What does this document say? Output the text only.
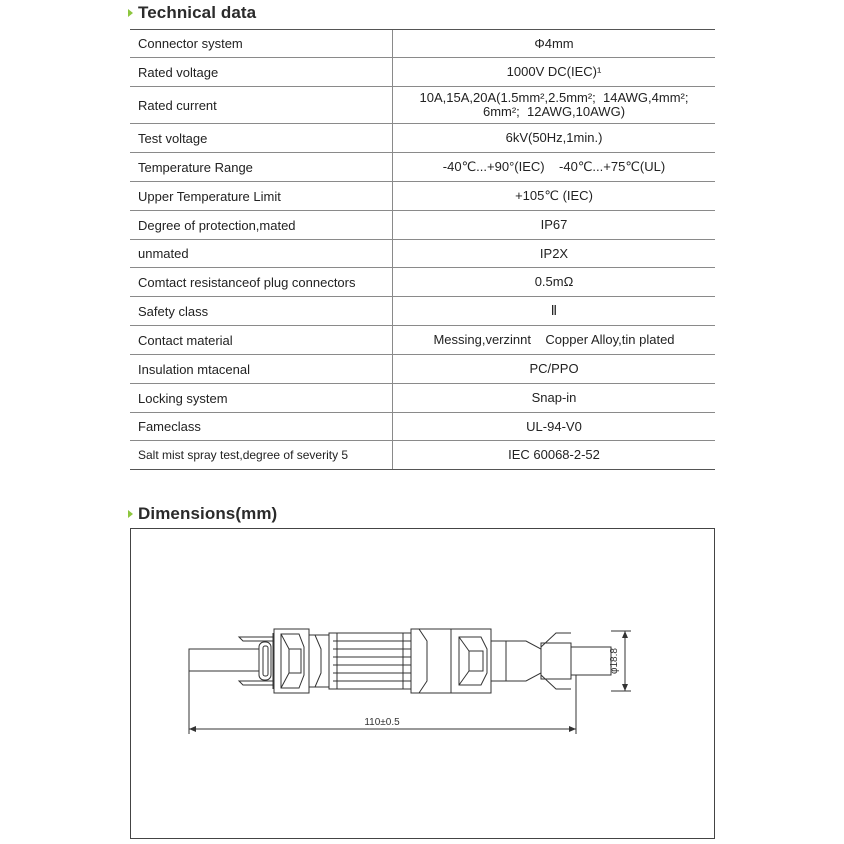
Technical data
Connector system	Φ4mm
Rated voltage	1000V DC(IEC)¹
Rated current	10A,15A,20A(1.5mm²,2.5mm²;  14AWG,4mm²;
6mm²;  12AWG,10AWG)
Test voltage	6kV(50Hz,1min.)
Temperature Range	-40℃...+90°(IEC)    -40℃...+75℃(UL)
Upper Temperature Limit	+105℃ (IEC)
Degree of protection,mated	IP67
unmated	IP2X
Comtact resistanceof plug connectors	0.5mΩ
Safety class	Ⅱ
Contact material	Messing,verzinnt    Copper Alloy,tin plated
Insulation mtacenal	PC/PPO
Locking system	Snap-in
Fameclass	UL-94-V0
Salt mist spray test,degree of severity 5	IEC 60068-2-52
Dimensions(mm)
110±0.5
φ18.8
